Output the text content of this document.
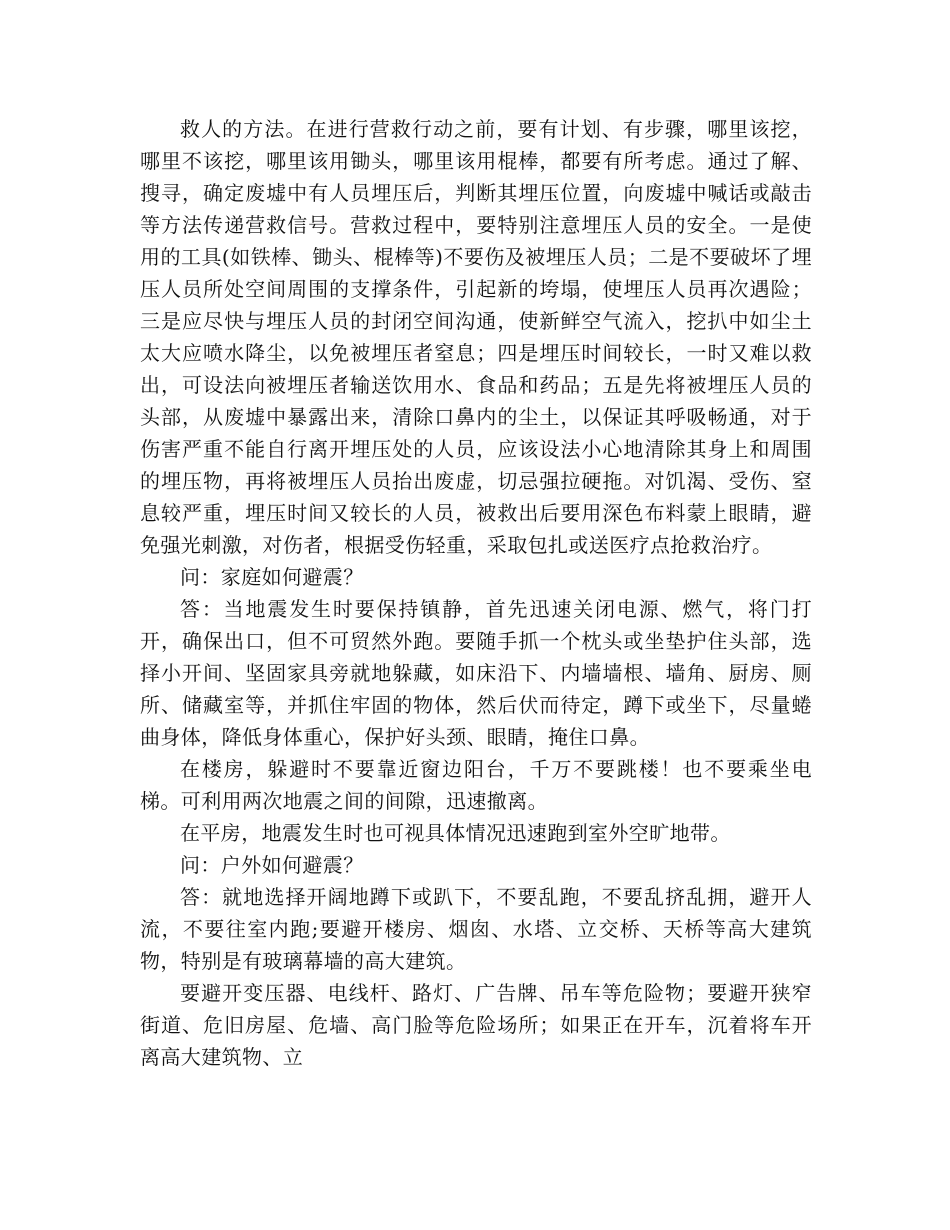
救人的方法。在进行营救行动之前，要有计划、有步骤，哪里该挖，哪里不该挖，哪里该用锄头，哪里该用棍棒，都要有所考虑。通过了解、搜寻，确定废墟中有人员埋压后，判断其埋压位置，向废墟中喊话或敲击等方法传递营救信号。营救过程中，要特别注意埋压人员的安全。一是使用的工具(如铁棒、锄头、棍棒等)不要伤及被埋压人员；二是不要破坏了埋压人员所处空间周围的支撑条件，引起新的垮塌，使埋压人员再次遇险；三是应尽快与埋压人员的封闭空间沟通，使新鲜空气流入，挖扒中如尘土太大应喷水降尘，以免被埋压者窒息；四是埋压时间较长，一时又难以救出，可设法向被埋压者输送饮用水、食品和药品；五是先将被埋压人员的头部，从废墟中暴露出来，清除口鼻内的尘土，以保证其呼吸畅通，对于伤害严重不能自行离开埋压处的人员，应该设法小心地清除其身上和周围的埋压物，再将被埋压人员抬出废虚，切忌强拉硬拖。对饥渴、受伤、窒息较严重，埋压时间又较长的人员，被救出后要用深色布料蒙上眼睛，避免强光刺激，对伤者，根据受伤轻重，采取包扎或送医疗点抢救治疗。

问：家庭如何避震？

答：当地震发生时要保持镇静，首先迅速关闭电源、燃气，将门打开，确保出口，但不可贸然外跑。要随手抓一个枕头或坐垫护住头部，选择小开间、坚固家具旁就地躲藏，如床沿下、内墙墙根、墙角、厨房、厕所、储藏室等，并抓住牢固的物体，然后伏而待定，蹲下或坐下，尽量蜷曲身体，降低身体重心，保护好头颈、眼睛，掩住口鼻。

在楼房，躲避时不要靠近窗边阳台，千万不要跳楼！也不要乘坐电梯。可利用两次地震之间的间隙，迅速撤离。

在平房，地震发生时也可视具体情况迅速跑到室外空旷地带。

问：户外如何避震？

答：就地选择开阔地蹲下或趴下，不要乱跑，不要乱挤乱拥，避开人流，不要往室内跑;要避开楼房、烟囱、水塔、立交桥、天桥等高大建筑物，特别是有玻璃幕墙的高大建筑。

要避开变压器、电线杆、路灯、广告牌、吊车等危险物；要避开狭窄街道、危旧房屋、危墙、高门脸等危险场所；如果正在开车，沉着将车开离高大建筑物、立
